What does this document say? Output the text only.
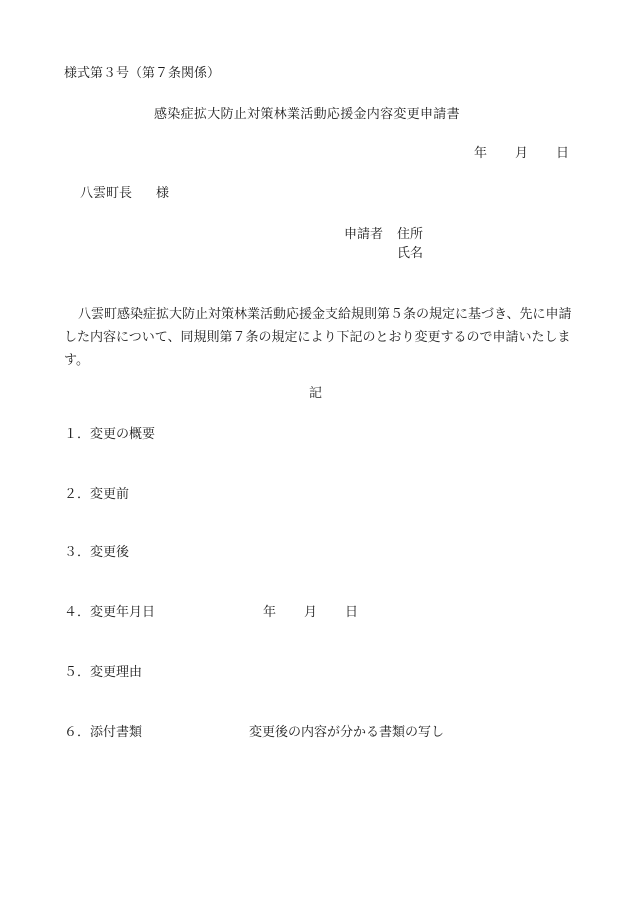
様式第３号（第７条関係）
感染症拡大防止対策林業活動応援金内容変更申請書
年 月 日
八雲町長 様
申請者 住所
氏名

八雲町感染症拡大防止対策林業活動応援金支給規則第５条の規定に基づき、先に申請した内容について、同規則第７条の規定により下記のとおり変更するので申請いたします。

記
１． 変更の概要
２． 変更前
３． 変更後
４． 変更年月日	年 月 日
５． 変更理由
６． 添付書類	変更後の内容が分かる書類の写し
